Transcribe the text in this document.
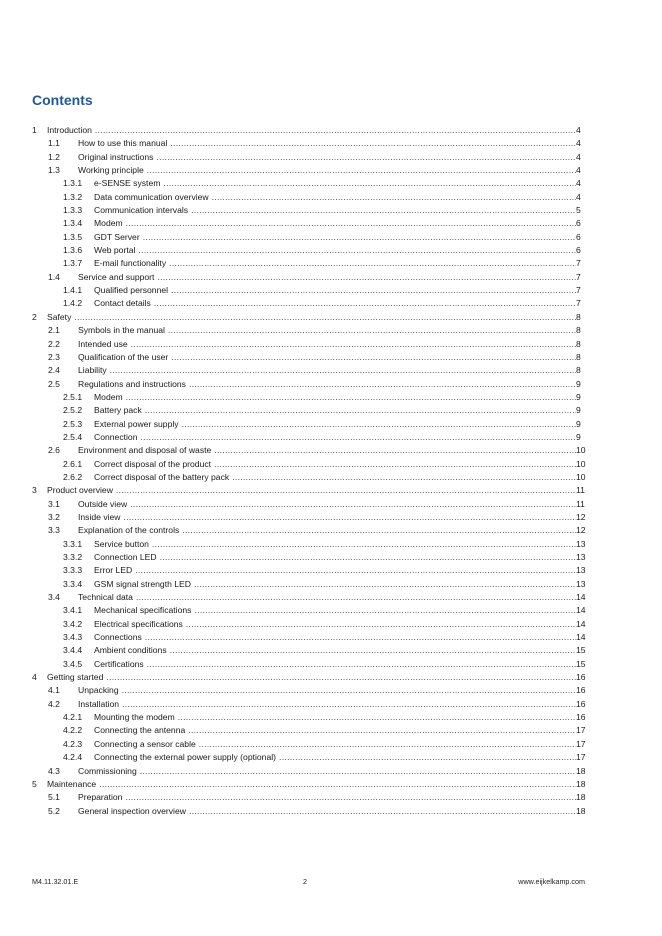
Contents
1 Introduction .....	4
1.1 How to use this manual .....	4
1.2 Original instructions .....	4
1.3 Working principle .....	4
1.3.1 e-SENSE system .....	4
1.3.2 Data communication overview .....	4
1.3.3 Communication intervals .....	5
1.3.4 Modem .....	6
1.3.5 GDT Server .....	6
1.3.6 Web portal .....	6
1.3.7 E-mail functionality .....	7
1.4 Service and support .....	7
1.4.1 Qualified personnel .....	7
1.4.2 Contact details .....	7
2 Safety .....	8
2.1 Symbols in the manual .....	8
2.2 Intended use .....	8
2.3 Qualification of the user .....	8
2.4 Liability .....	8
2.5 Regulations and instructions .....	9
2.5.1 Modem .....	9
2.5.2 Battery pack .....	9
2.5.3 External power supply .....	9
2.5.4 Connection .....	9
2.6 Environment and disposal of waste .....	10
2.6.1 Correct disposal of the product .....	10
2.6.2 Correct disposal of the battery pack .....	10
3 Product overview .....	11
3.1 Outside view .....	11
3.2 Inside view .....	12
3.3 Explanation of the controls .....	12
3.3.1 Service button .....	13
3.3.2 Connection LED .....	13
3.3.3 Error LED .....	13
3.3.4 GSM signal strength LED .....	13
3.4 Technical data .....	14
3.4.1 Mechanical specifications .....	14
3.4.2 Electrical specifications .....	14
3.4.3 Connections .....	14
3.4.4 Ambient conditions .....	15
3.4.5 Certifications .....	15
4 Getting started .....	16
4.1 Unpacking .....	16
4.2 Installation .....	16
4.2.1 Mounting the modem .....	16
4.2.2 Connecting the antenna .....	17
4.2.3 Connecting a sensor cable .....	17
4.2.4 Connecting the external power supply (optional) .....	17
4.3 Commissioning .....	18
5 Maintenance .....	18
5.1 Preparation .....	18
5.2 General inspection overview .....	18
M4.11.32.01.E	2	www.eijkelkamp.com
